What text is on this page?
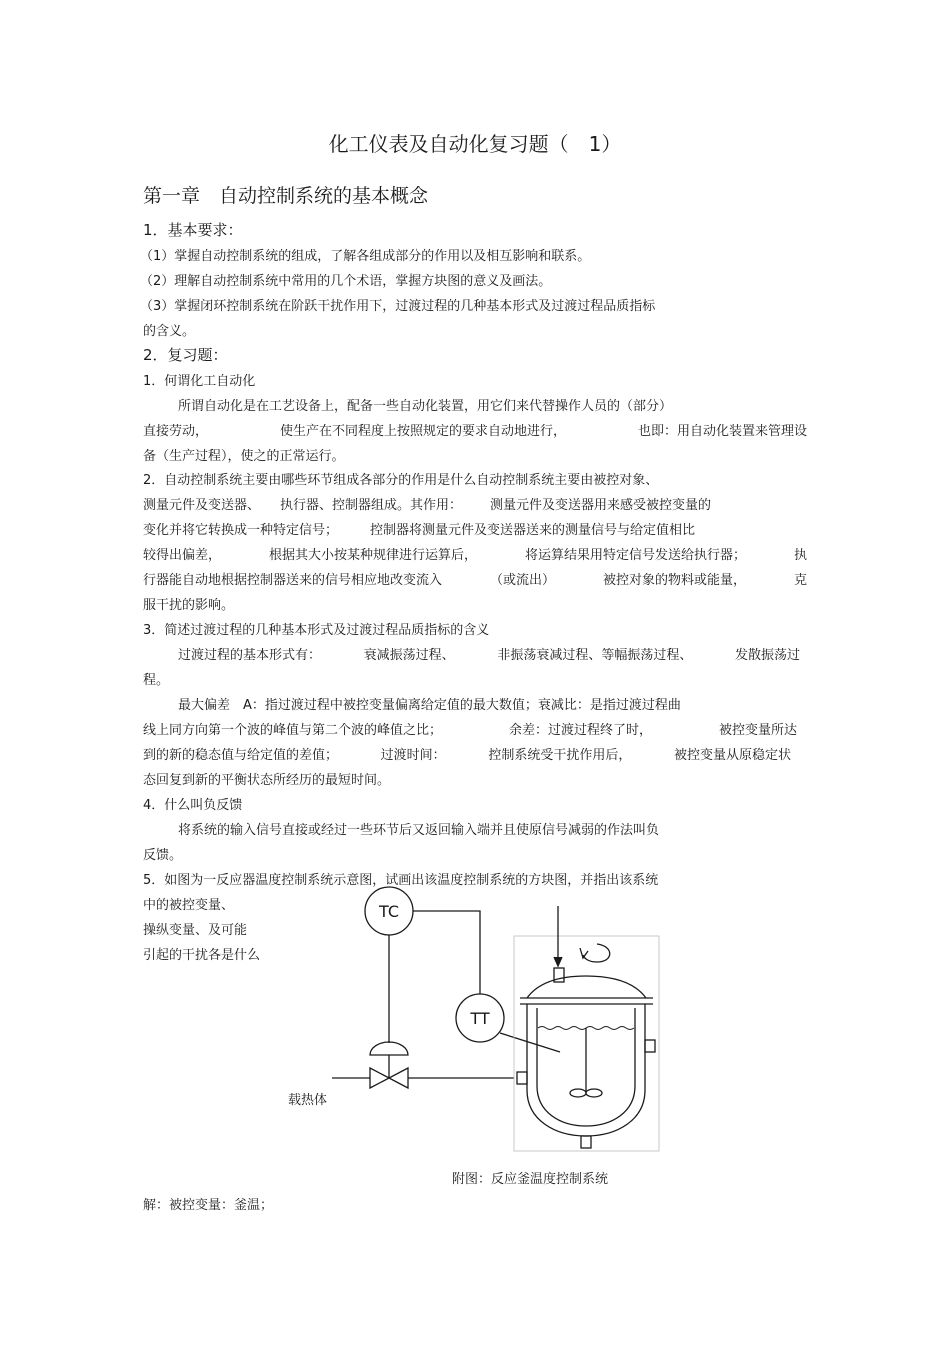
化工仪表及自动化复习题（　1）
第一章　自动控制系统的基本概念
1．基本要求：
（1）掌握自动控制系统的组成，了解各组成部分的作用以及相互影响和联系。
（2）理解自动控制系统中常用的几个术语，掌握方块图的意义及画法。
（3）掌握闭环控制系统在阶跃干扰作用下，过渡过程的几种基本形式及过渡过程品质指标
的含义。
2．复习题：
1．何谓化工自动化
所谓自动化是在工艺设备上，配备一些自动化装置，用它们来代替操作人员的（部分）
直接劳动，	使生产在不同程度上按照规定的要求自动地进行，	也即：用自动化装置来管理设
备（生产过程），使之的正常运行。
2．自动控制系统主要由哪些环节组成各部分的作用是什么自动控制系统主要由被控对象、
测量元件及变送器、 执行器、控制器组成。其作用： 测量元件及变送器用来感受被控变量的
变化并将它转换成一种特定信号； 控制器将测量元件及变送器送来的测量信号与给定值相比
较得出偏差，	根据其大小按某种规律进行运算后，	将运算结果用特定信号发送给执行器；	执
行器能自动地根据控制器送来的信号相应地改变流入	（或流出）	被控对象的物料或能量，	克
服干扰的影响。
3．简述过渡过程的几种基本形式及过渡过程品质指标的含义
过渡过程的基本形式有：	衰减振荡过程、	非振荡衰减过程、等幅振荡过程、	发散振荡过
程。
最大偏差　A：指过渡过程中被控变量偏离给定值的最大数值；衰减比：是指过渡过程曲
线上同方向第一个波的峰值与第二个波的峰值之比；	余差：过渡过程终了时，	被控变量所达
到的新的稳态值与给定值的差值；	过渡时间：	控制系统受干扰作用后，	被控变量从原稳定状
态回复到新的平衡状态所经历的最短时间。
4．什么叫负反馈
将系统的输入信号直接或经过一些环节后又返回输入端并且使原信号减弱的作法叫负
反馈。
5．如图为一反应器温度控制系统示意图，试画出该温度控制系统的方块图，并指出该系统
中的被控变量、
操纵变量、及可能
引起的干扰各是什么
TC
TT
载热体
附图：反应釜温度控制系统
解：被控变量：釜温；
